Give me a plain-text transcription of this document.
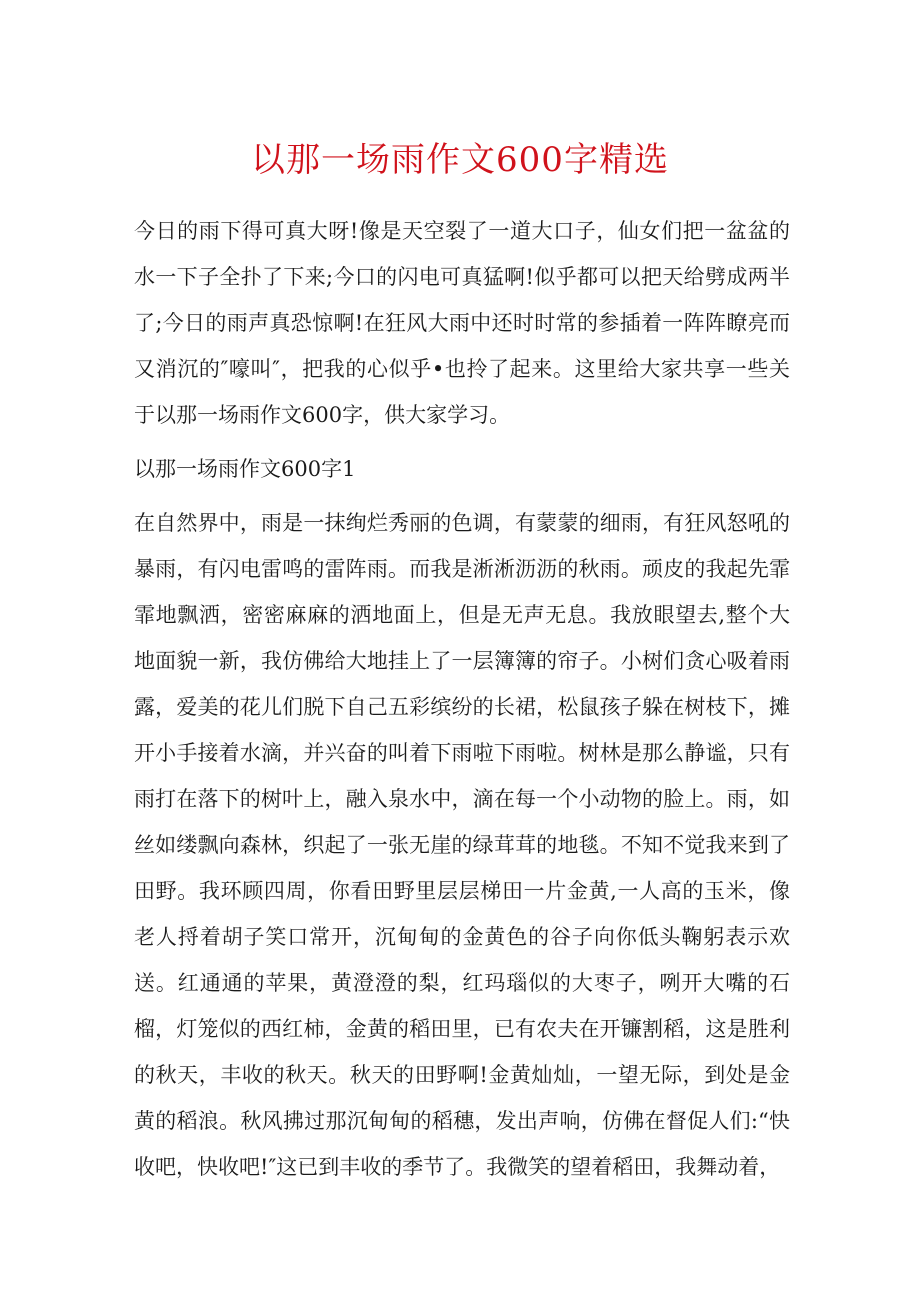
以那一场雨作文600字精选

今日的雨下得可真大呀!像是天空裂了一道大口子，仙女们把一盆盆的水一下子全扑了下来;今口的闪电可真猛啊!似乎都可以把天给劈成两半了;今日的雨声真恐惊啊!在狂风大雨中还时时常的参插着一阵阵瞭亮而又消沉的″嚎叫″，把我的心似乎•也拎了起来。这里给大家共享一些关于以那一场雨作文600字，供大家学习。

以那一场雨作文600字1

在自然界中，雨是一抹绚烂秀丽的色调，有蒙蒙的细雨，有狂风怒吼的暴雨，有闪电雷鸣的雷阵雨。而我是淅淅沥沥的秋雨。顽皮的我起先霏霏地飘洒，密密麻麻的洒地面上，但是无声无息。我放眼望去,整个大地面貌一新，我仿佛给大地挂上了一层簿簿的帘子。小树们贪心吸着雨露，爱美的花儿们脱下自己五彩缤纷的长裙，松鼠孩子躲在树枝下，摊开小手接着水滴，并兴奋的叫着下雨啦下雨啦。树林是那么静谧，只有雨打在落下的树叶上，融入泉水中，滴在每一个小动物的脸上。雨，如丝如缕飘向森林，织起了一张无崖的绿茸茸的地毯。不知不觉我来到了田野。我环顾四周，你看田野里层层梯田一片金黄,一人高的玉米，像老人捋着胡子笑口常开，沉甸甸的金黄色的谷子向你低头鞠躬表示欢送。红通通的苹果，黄澄澄的梨，红玛瑙似的大枣子，咧开大嘴的石榴，灯笼似的西红柿，金黄的稻田里，已有农夫在开镰割稻，这是胜利的秋天，丰收的秋天。秋天的田野啊!金黄灿灿，一望无际，到处是金黄的稻浪。秋风拂过那沉甸甸的稻穗，发出声响，仿佛在督促人们:“快收吧，快收吧!″这已到丰收的季节了。我微笑的望着稻田，我舞动着，
